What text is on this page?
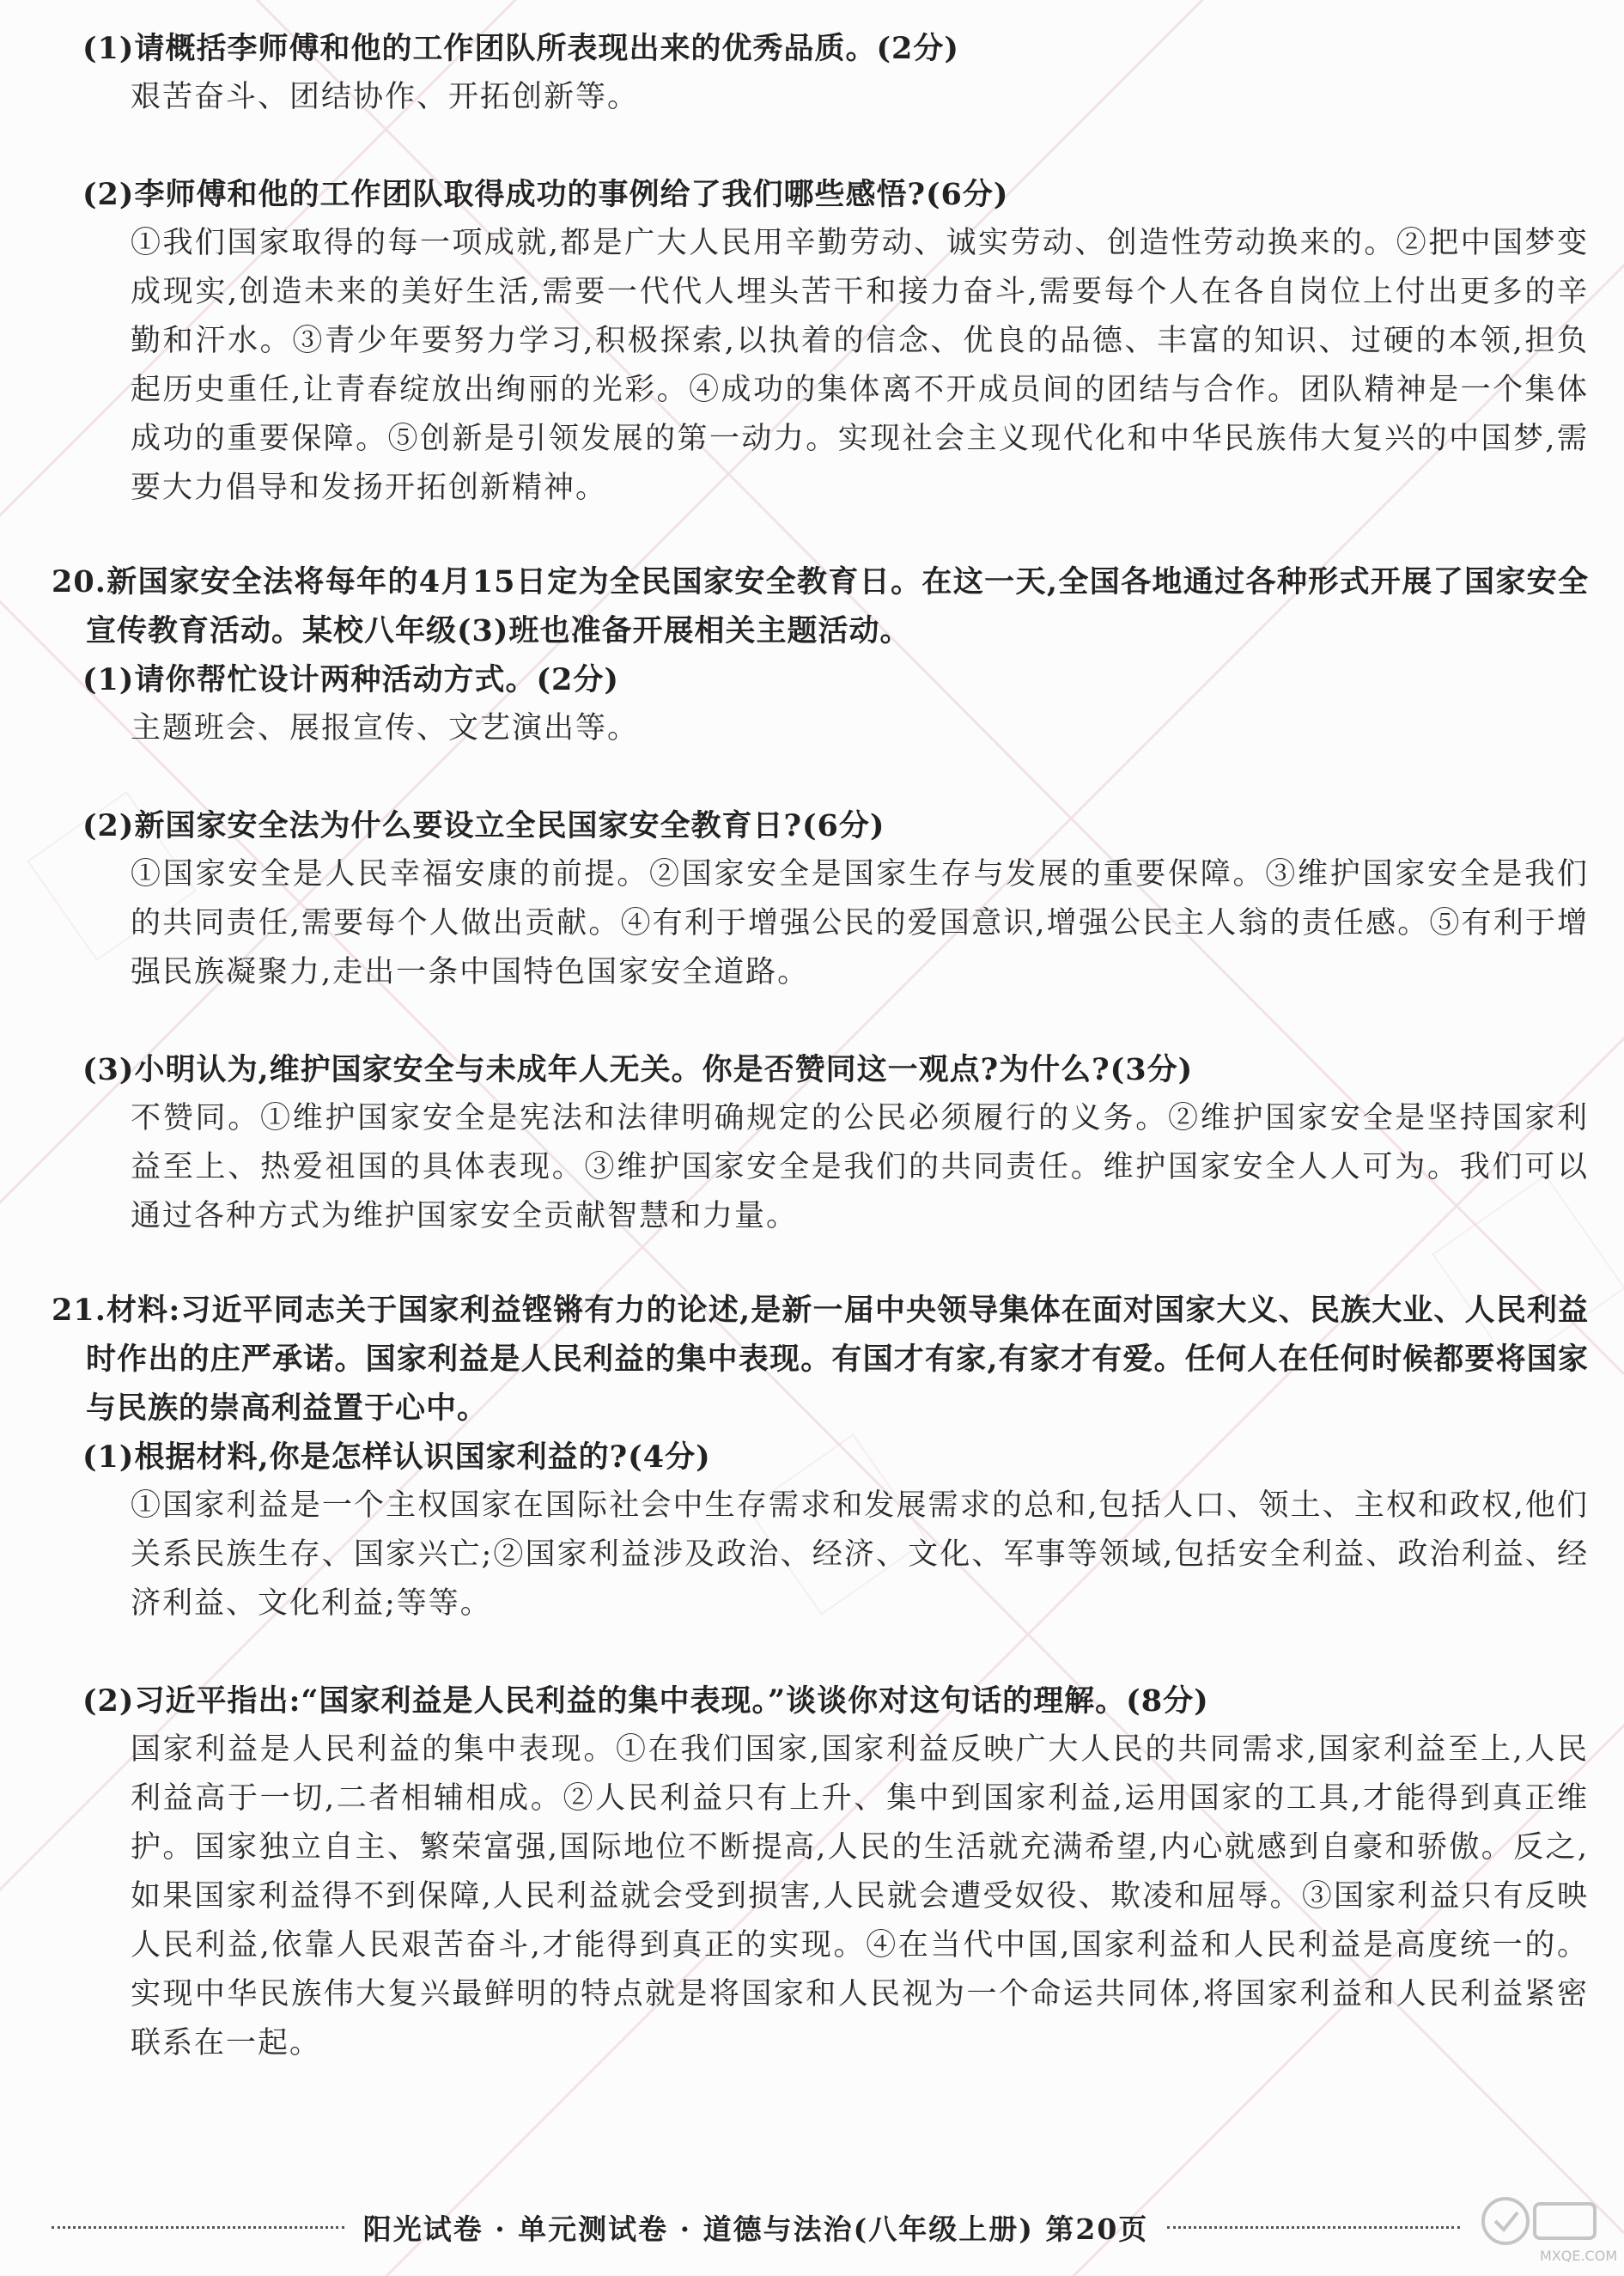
(1)请概括李师傅和他的工作团队所表现出来的优秀品质。(2分)
艰苦奋斗、团结协作、开拓创新等。
(2)李师傅和他的工作团队取得成功的事例给了我们哪些感悟?(6分)
①我们国家取得的每一项成就,都是广大人民用辛勤劳动、诚实劳动、创造性劳动换来的。②把中国梦变成现实,创造未来的美好生活,需要一代代人埋头苦干和接力奋斗,需要每个人在各自岗位上付出更多的辛勤和汗水。③青少年要努力学习,积极探索,以执着的信念、优良的品德、丰富的知识、过硬的本领,担负起历史重任,让青春绽放出绚丽的光彩。④成功的集体离不开成员间的团结与合作。团队精神是一个集体成功的重要保障。⑤创新是引领发展的第一动力。实现社会主义现代化和中华民族伟大复兴的中国梦,需要大力倡导和发扬开拓创新精神。
20.新国家安全法将每年的4月15日定为全民国家安全教育日。在这一天,全国各地通过各种形式开展了国家安全宣传教育活动。某校八年级(3)班也准备开展相关主题活动。
(1)请你帮忙设计两种活动方式。(2分)
主题班会、展报宣传、文艺演出等。
(2)新国家安全法为什么要设立全民国家安全教育日?(6分)
①国家安全是人民幸福安康的前提。②国家安全是国家生存与发展的重要保障。③维护国家安全是我们的共同责任,需要每个人做出贡献。④有利于增强公民的爱国意识,增强公民主人翁的责任感。⑤有利于增强民族凝聚力,走出一条中国特色国家安全道路。
(3)小明认为,维护国家安全与未成年人无关。你是否赞同这一观点?为什么?(3分)
不赞同。①维护国家安全是宪法和法律明确规定的公民必须履行的义务。②维护国家安全是坚持国家利益至上、热爱祖国的具体表现。③维护国家安全是我们的共同责任。维护国家安全人人可为。我们可以通过各种方式为维护国家安全贡献智慧和力量。
21.材料:习近平同志关于国家利益铿锵有力的论述,是新一届中央领导集体在面对国家大义、民族大业、人民利益时作出的庄严承诺。国家利益是人民利益的集中表现。有国才有家,有家才有爱。任何人在任何时候都要将国家与民族的崇高利益置于心中。
(1)根据材料,你是怎样认识国家利益的?(4分)
①国家利益是一个主权国家在国际社会中生存需求和发展需求的总和,包括人口、领土、主权和政权,他们关系民族生存、国家兴亡;②国家利益涉及政治、经济、文化、军事等领域,包括安全利益、政治利益、经济利益、文化利益;等等。
(2)习近平指出:“国家利益是人民利益的集中表现。”谈谈你对这句话的理解。(8分)
国家利益是人民利益的集中表现。①在我们国家,国家利益反映广大人民的共同需求,国家利益至上,人民利益高于一切,二者相辅相成。②人民利益只有上升、集中到国家利益,运用国家的工具,才能得到真正维护。国家独立自主、繁荣富强,国际地位不断提高,人民的生活就充满希望,内心就感到自豪和骄傲。反之,如果国家利益得不到保障,人民利益就会受到损害,人民就会遭受奴役、欺凌和屈辱。③国家利益只有反映人民利益,依靠人民艰苦奋斗,才能得到真正的实现。④在当代中国,国家利益和人民利益是高度统一的。实现中华民族伟大复兴最鲜明的特点就是将国家和人民视为一个命运共同体,将国家利益和人民利益紧密联系在一起。
阳光试卷 · 单元测试卷 · 道德与法治(八年级上册) 第20页
MXQE.COM
